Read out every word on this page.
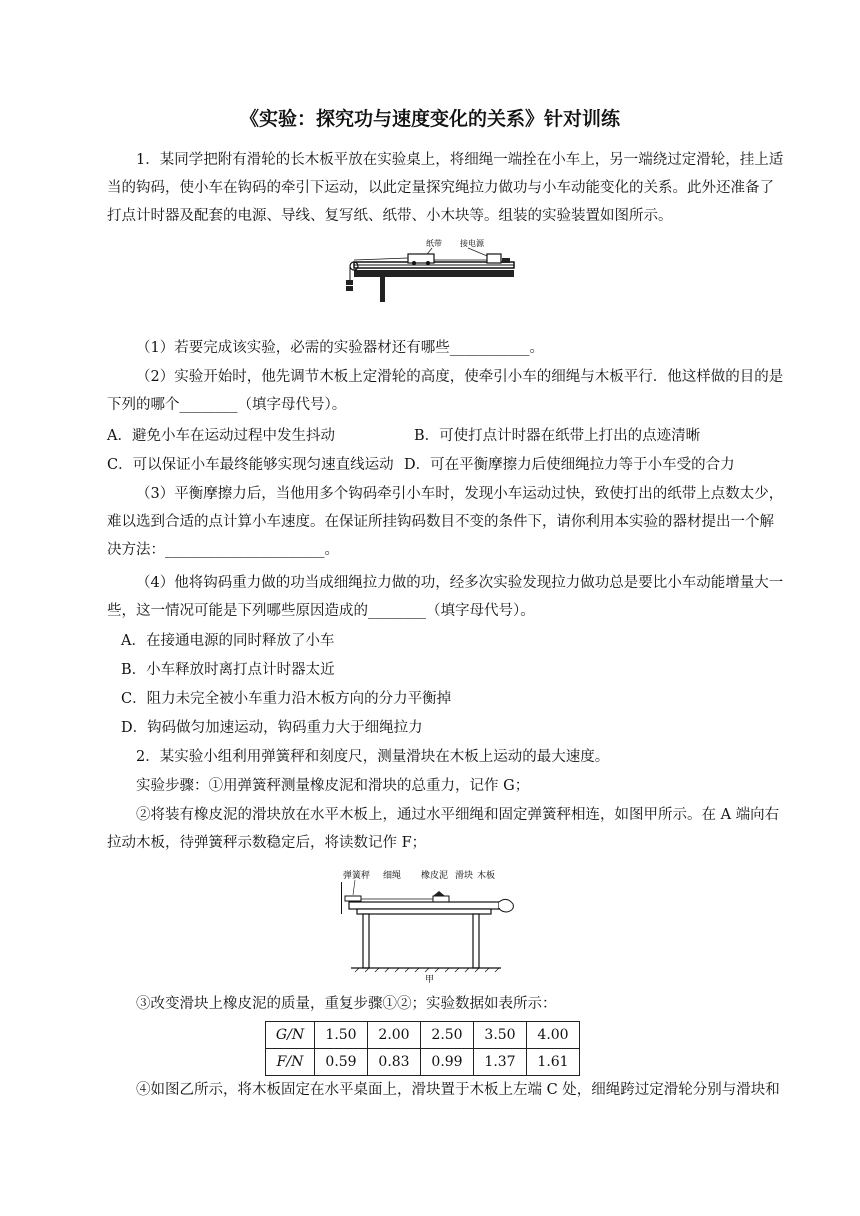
《实验：探究功与速度变化的关系》针对训练

1．某同学把附有滑轮的长木板平放在实验桌上，将细绳一端拴在小车上，另一端绕过定滑轮，挂上适当的钩码，使小车在钩码的牵引下运动，以此定量探究绳拉力做功与小车动能变化的关系。此外还准备了打点计时器及配套的电源、导线、复写纸、纸带、小木块等。组装的实验装置如图所示。

纸带 接电源

（1）若要完成该实验，必需的实验器材还有哪些___________。

（2）实验开始时，他先调节木板上定滑轮的高度，使牵引小车的细绳与木板平行．他这样做的目的是下列的哪个________（填字母代号）。

A．避免小车在运动过程中发生抖动	B．可使打点计时器在纸带上打出的点迹清晰

C．可以保证小车最终能够实现匀速直线运动 D．可在平衡摩擦力后使细绳拉力等于小车受的合力

（3）平衡摩擦力后，当他用多个钩码牵引小车时，发现小车运动过快，致使打出的纸带上点数太少，难以选到合适的点计算小车速度。在保证所挂钩码数目不变的条件下，请你利用本实验的器材提出一个解决方法：______________________。

（4）他将钩码重力做的功当成细绳拉力做的功，经多次实验发现拉力做功总是要比小车动能增量大一些，这一情况可能是下列哪些原因造成的________（填字母代号）。

A．在接通电源的同时释放了小车

B．小车释放时离打点计时器太近

C．阻力未完全被小车重力沿木板方向的分力平衡掉

D．钩码做匀加速运动，钩码重力大于细绳拉力

2．某实验小组利用弹簧秤和刻度尺，测量滑块在木板上运动的最大速度。

实验步骤：①用弹簧秤测量橡皮泥和滑块的总重力，记作 G；

②将装有橡皮泥的滑块放在水平木板上，通过水平细绳和固定弹簧秤相连，如图甲所示。在 A 端向右拉动木板，待弹簧秤示数稳定后，将读数记作 F；

弹簧秤 细绳 橡皮泥 滑块 木板
甲

③改变滑块上橡皮泥的质量，重复步骤①②；实验数据如表所示：

G/N	1.50	2.00	2.50	3.50	4.00
F/N	0.59	0.83	0.99	1.37	1.61

④如图乙所示，将木板固定在水平桌面上，滑块置于木板上左端 C 处，细绳跨过定滑轮分别与滑块和
